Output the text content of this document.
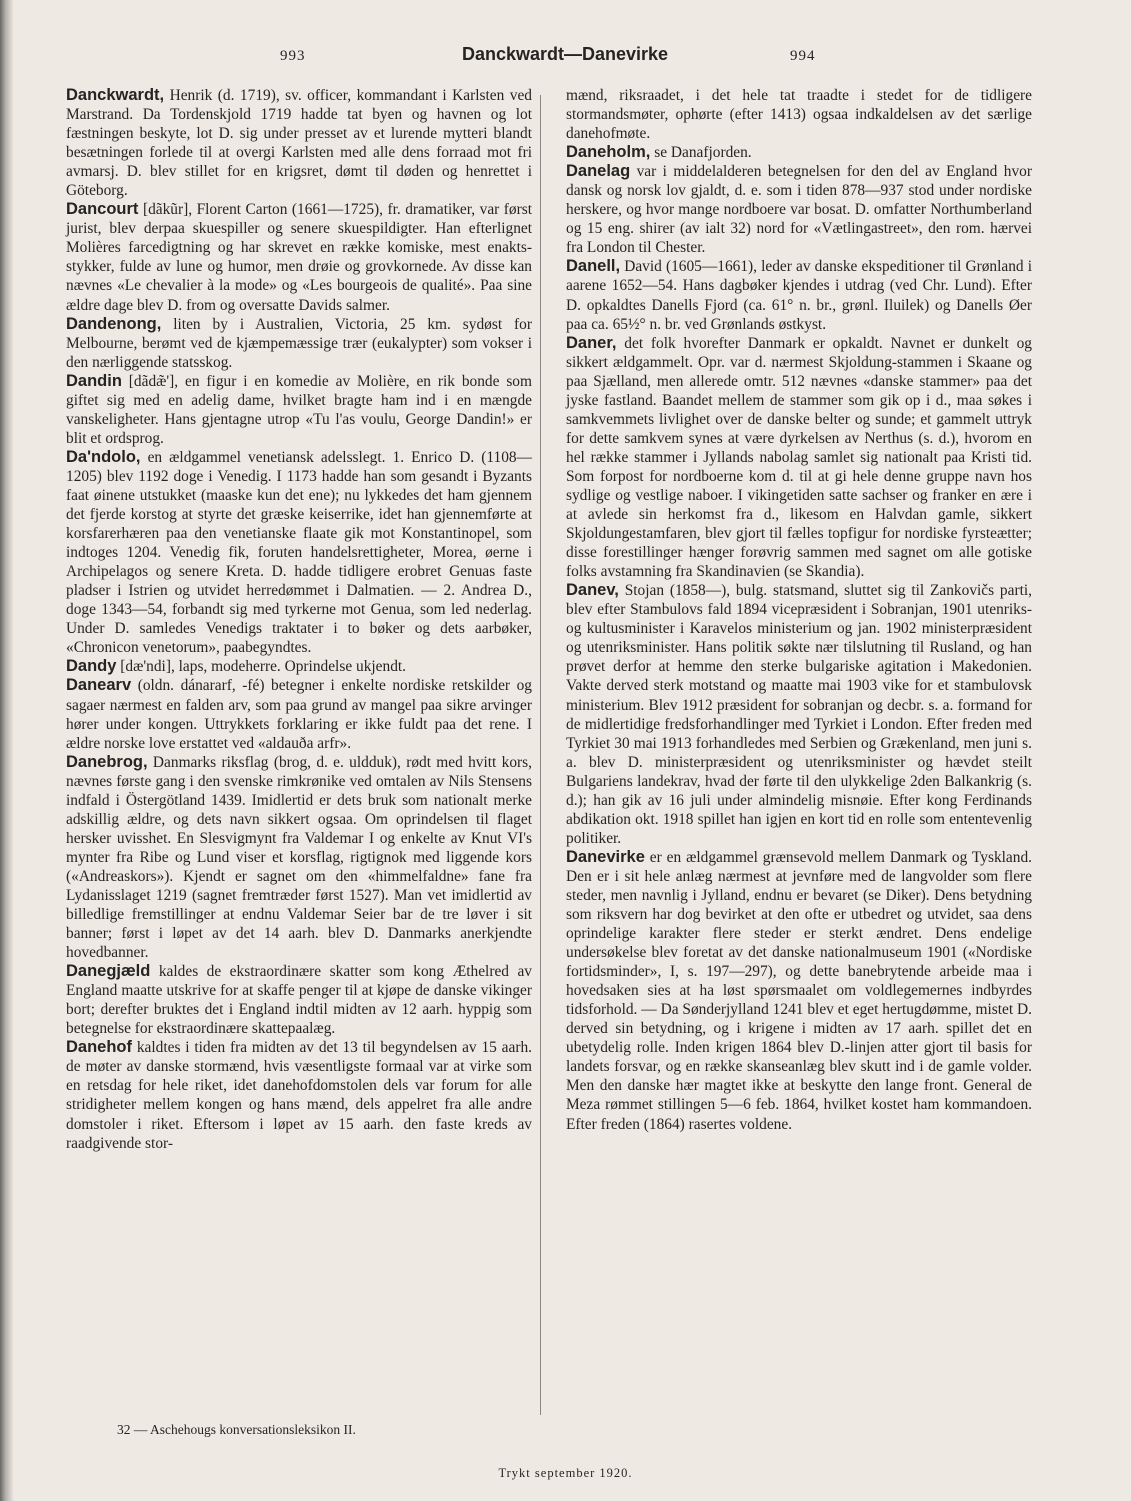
993	Danckwardt—Danevirke	994

Danckwardt, Henrik (d. 1719), sv. officer, kommandant i Karlsten ved Marstrand. Da Tordenskjold 1719 hadde tat byen og havnen og lot fæstningen beskyte, lot D. sig under presset av et lurende mytteri blandt besætningen forlede til at overgi Karlsten med alle dens forraad mot fri avmarsj. D. blev stillet for en krigsret, dømt til døden og henrettet i Göteborg.

Dancourt [dãkũr], Florent Carton (1661—1725), fr. dramatiker, var først jurist, blev derpaa skuespiller og senere skuespildigter. Han efterlignet Molières farcedigtning og har skrevet en række komiske, mest enakts-stykker, fulde av lune og humor, men drøie og grovkornede. Av disse kan nævnes «Le chevalier à la mode» og «Les bourgeois de qualité». Paa sine ældre dage blev D. from og oversatte Davids salmer.

Dandenong, liten by i Australien, Victoria, 25 km. sydøst for Melbourne, berømt ved de kjæmpemæssige trær (eukalypter) som vokser i den nærliggende statsskog.

Dandin [dãdæ̃'], en figur i en komedie av Molière, en rik bonde som giftet sig med en adelig dame, hvilket bragte ham ind i en mængde vanskeligheter. Hans gjentagne utrop «Tu l'as voulu, George Dandin!» er blit et ordsprog.

Da'ndolo, en ældgammel venetiansk adelsslegt. 1. Enrico D. (1108—1205) blev 1192 doge i Venedig. I 1173 hadde han som gesandt i Byzants faat øinene utstukket (maaske kun det ene); nu lykkedes det ham gjennem det fjerde korstog at styrte det græske keiserrike, idet han gjennemførte at korsfarerhæren paa den venetianske flaate gik mot Konstantinopel, som indtoges 1204. Venedig fik, foruten handelsrettigheter, Morea, øerne i Archipelagos og senere Kreta. D. hadde tidligere erobret Genuas faste pladser i Istrien og utvidet herredømmet i Dalmatien. — 2. Andrea D., doge 1343—54, forbandt sig med tyrkerne mot Genua, som led nederlag. Under D. samledes Venedigs traktater i to bøker og dets aarbøker, «Chronicon venetorum», paabegyndtes.

Dandy [dæ'ndi], laps, modeherre. Oprindelse ukjendt.

Danearv (oldn. dánararf, -fé) betegner i enkelte nordiske retskilder og sagaer nærmest en falden arv, som paa grund av mangel paa sikre arvinger hører under kongen. Uttrykkets forklaring er ikke fuldt paa det rene. I ældre norske love erstattet ved «aldauða arfr».

Danebrog, Danmarks riksflag (brog, d. e. uldduk), rødt med hvitt kors, nævnes første gang i den svenske rimkrønike ved omtalen av Nils Stensens indfald i Östergötland 1439. Imidlertid er dets bruk som nationalt merke adskillig ældre, og dets navn sikkert ogsaa. Om oprindelsen til flaget hersker uvisshet. En Slesvigmynt fra Valdemar I og enkelte av Knut VI's mynter fra Ribe og Lund viser et korsflag, rigtignok med liggende kors («Andreaskors»). Kjendt er sagnet om den «himmelfaldne» fane fra Lydanisslaget 1219 (sagnet fremtræder først 1527). Man vet imidlertid av billedlige fremstillinger at endnu Valdemar Seier bar de tre løver i sit banner; først i løpet av det 14 aarh. blev D. Danmarks anerkjendte hovedbanner.

Danegjæld kaldes de ekstraordinære skatter som kong Æthelred av England maatte utskrive for at skaffe penger til at kjøpe de danske vikinger bort; derefter bruktes det i England indtil midten av 12 aarh. hyppig som betegnelse for ekstraordinære skattepaalæg.

Danehof kaldtes i tiden fra midten av det 13 til begyndelsen av 15 aarh. de møter av danske stormænd, hvis væsentligste formaal var at virke som en retsdag for hele riket, idet danehofdomstolen dels var forum for alle stridigheter mellem kongen og hans mænd, dels appelret fra alle andre domstoler i riket. Eftersom i løpet av 15 aarh. den faste kreds av raadgivende stor-

mænd, riksraadet, i det hele tat traadte i stedet for de tidligere stormandsmøter, ophørte (efter 1413) ogsaa indkaldelsen av det særlige danehofmøte.

Daneholm, se Danafjorden.

Danelag var i middelalderen betegnelsen for den del av England hvor dansk og norsk lov gjaldt, d. e. som i tiden 878—937 stod under nordiske herskere, og hvor mange nordboere var bosat. D. omfatter Northumberland og 15 eng. shirer (av ialt 32) nord for «Vætlingastreet», den rom. hærvei fra London til Chester.

Danell, David (1605—1661), leder av danske ekspeditioner til Grønland i aarene 1652—54. Hans dagbøker kjendes i utdrag (ved Chr. Lund). Efter D. opkaldtes Danells Fjord (ca. 61° n. br., grønl. Iluilek) og Danells Øer paa ca. 65½° n. br. ved Grønlands østkyst.

Daner, det folk hvorefter Danmark er opkaldt. Navnet er dunkelt og sikkert ældgammelt. Opr. var d. nærmest Skjoldung-stammen i Skaane og paa Sjælland, men allerede omtr. 512 nævnes «danske stammer» paa det jyske fastland. Baandet mellem de stammer som gik op i d., maa søkes i samkvemmets livlighet over de danske belter og sunde; et gammelt uttryk for dette samkvem synes at være dyrkelsen av Nerthus (s. d.), hvorom en hel række stammer i Jyllands nabolag samlet sig nationalt paa Kristi tid. Som forpost for nordboerne kom d. til at gi hele denne gruppe navn hos sydlige og vestlige naboer. I vikingetiden satte sachser og franker en ære i at avlede sin herkomst fra d., likesom en Halvdan gamle, sikkert Skjoldungestamfaren, blev gjort til fælles topfigur for nordiske fyrsteætter; disse forestillinger hænger forøvrig sammen med sagnet om alle gotiske folks avstamning fra Skandinavien (se Skandia).

Danev, Stojan (1858—), bulg. statsmand, sluttet sig til Zankovičs parti, blev efter Stambulovs fald 1894 vicepræsident i Sobranjan, 1901 utenriks- og kultusminister i Karavelos ministerium og jan. 1902 ministerpræsident og utenriksminister. Hans politik søkte nær tilslutning til Rusland, og han prøvet derfor at hemme den sterke bulgariske agitation i Makedonien. Vakte derved sterk motstand og maatte mai 1903 vike for et stambulovsk ministerium. Blev 1912 præsident for sobranjan og decbr. s. a. formand for de midlertidige fredsforhandlinger med Tyrkiet i London. Efter freden med Tyrkiet 30 mai 1913 forhandledes med Serbien og Grækenland, men juni s. a. blev D. ministerpræsident og utenriksminister og hævdet steilt Bulgariens landekrav, hvad der førte til den ulykkelige 2den Balkankrig (s. d.); han gik av 16 juli under almindelig misnøie. Efter kong Ferdinands abdikation okt. 1918 spillet han igjen en kort tid en rolle som ententevenlig politiker.

Danevirke er en ældgammel grænsevold mellem Danmark og Tyskland. Den er i sit hele anlæg nærmest at jevnføre med de langvolder som flere steder, men navnlig i Jylland, endnu er bevaret (se Diker). Dens betydning som riksvern har dog bevirket at den ofte er utbedret og utvidet, saa dens oprindelige karakter flere steder er sterkt ændret. Dens endelige undersøkelse blev foretat av det danske nationalmuseum 1901 («Nordiske fortidsminder», I, s. 197—297), og dette banebrytende arbeide maa i hovedsaken sies at ha løst spørsmaalet om voldlegemernes indbyrdes tidsforhold. — Da Sønderjylland 1241 blev et eget hertugdømme, mistet D. derved sin betydning, og i krigene i midten av 17 aarh. spillet det en ubetydelig rolle. Inden krigen 1864 blev D.-linjen atter gjort til basis for landets forsvar, og en række skanseanlæg blev skutt ind i de gamle volder. Men den danske hær magtet ikke at beskytte den lange front. General de Meza rømmet stillingen 5—6 feb. 1864, hvilket kostet ham kommandoen. Efter freden (1864) rasertes voldene.

32 — Aschehougs konversationsleksikon II.
Trykt september 1920.
